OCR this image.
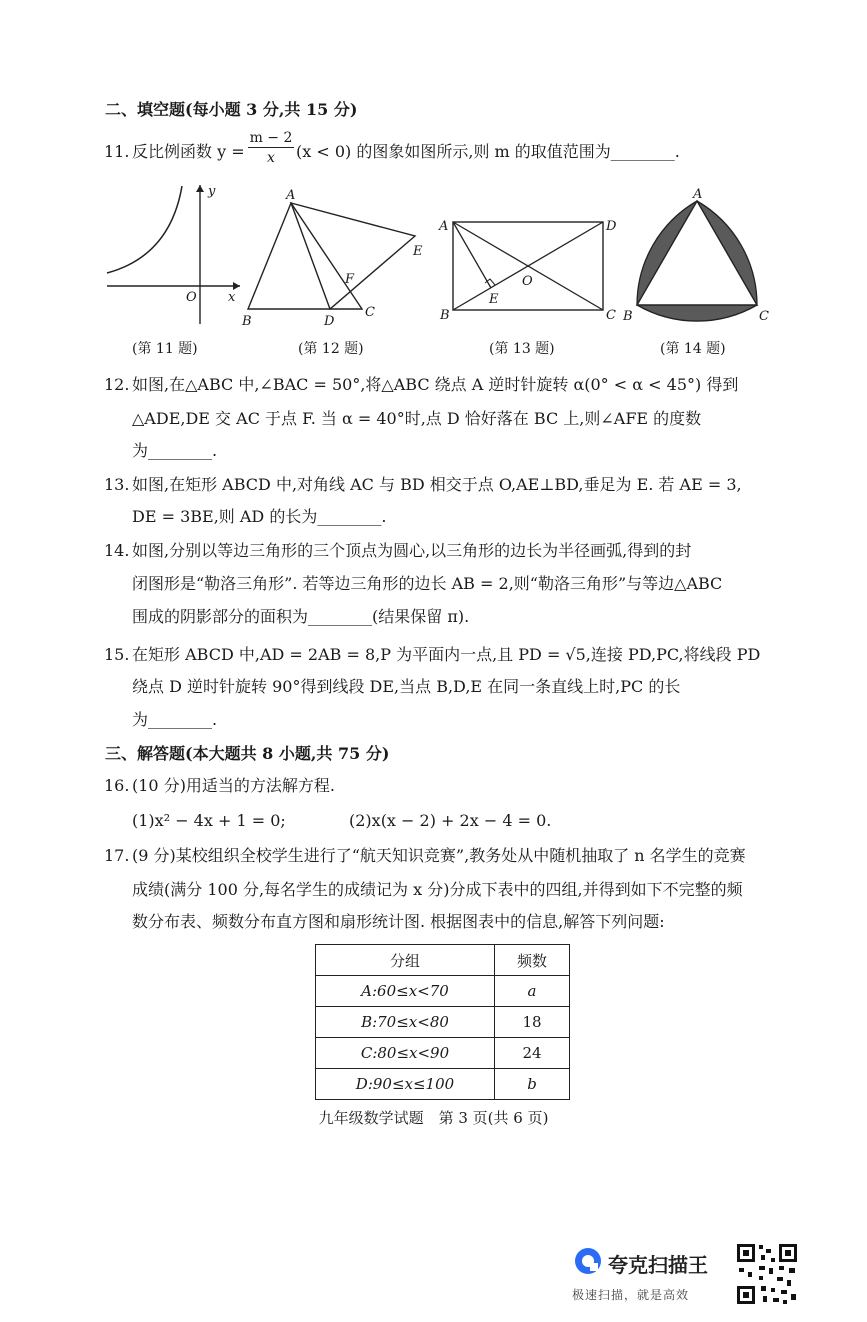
二、填空题(每小题 3 分,共 15 分)
11. 反比例函数 y =
m − 2
x	(x < 0) 的图象如图所示,则 m 的取值范围为________.
y
x
O
A
B
C
D
E
F
A
B	C
D
E
O
A
B	C
(第 11 题)	(第 12 题)	(第 13 题)	(第 14 题)
12. 如图,在△ABC 中,∠BAC = 50°,将△ABC 绕点 A 逆时针旋转 α(0° < α < 45°) 得到
△ADE,DE 交 AC 于点 F. 当 α = 40°时,点 D 恰好落在 BC 上,则∠AFE 的度数
为________.
13. 如图,在矩形 ABCD 中,对角线 AC 与 BD 相交于点 O,AE⊥BD,垂足为 E. 若 AE = 3,
DE = 3BE,则 AD 的长为________.
14. 如图,分别以等边三角形的三个顶点为圆心,以三角形的边长为半径画弧,得到的封
闭图形是“勒洛三角形”. 若等边三角形的边长 AB = 2,则“勒洛三角形”与等边△ABC
围成的阴影部分的面积为________(结果保留 π).
15. 在矩形 ABCD 中,AD = 2AB = 8,P 为平面内一点,且 PD = √5,连接 PD,PC,将线段 PD
绕点 D 逆时针旋转 90°得到线段 DE,当点 B,D,E 在同一条直线上时,PC 的长
为________.
三、解答题(本大题共 8 小题,共 75 分)
16. (10 分)用适当的方法解方程.
(1)x² − 4x + 1 = 0;	(2)x(x − 2) + 2x − 4 = 0.
17. (9 分)某校组织全校学生进行了“航天知识竞赛”,教务处从中随机抽取了 n 名学生的竞赛
成绩(满分 100 分,每名学生的成绩记为 x 分)分成下表中的四组,并得到如下不完整的频
数分布表、频数分布直方图和扇形统计图. 根据图表中的信息,解答下列问题:
分组	频数
A:60≤x<70	a
B:70≤x<80	18
C:80≤x<90	24
D:90≤x≤100	b
九年级数学试题　第 3 页(共 6 页)
夸克扫描王
极速扫描，就是高效
